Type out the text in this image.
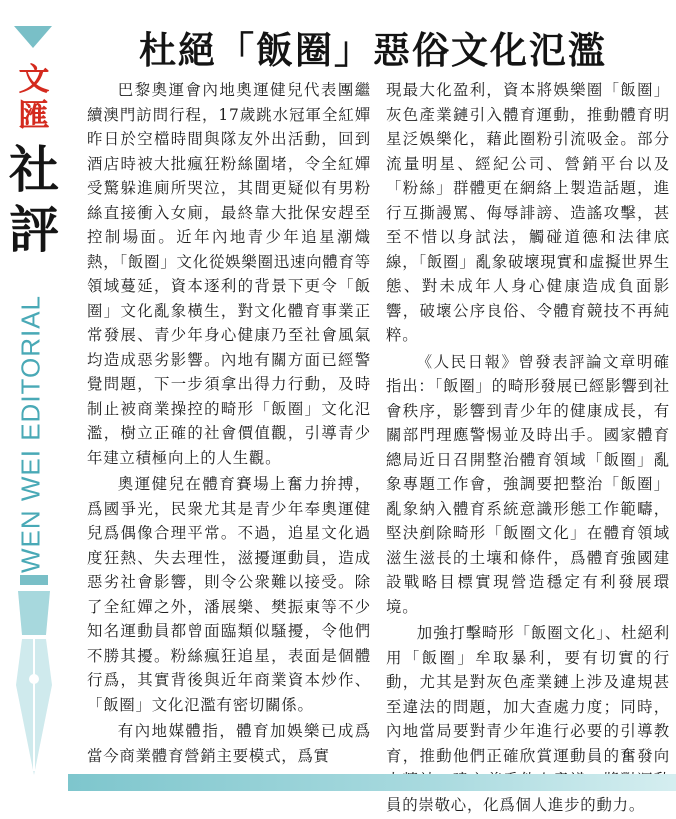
文
匯
社
評
WEN WEI EDITORIAL
杜絕「飯圈」惡俗文化氾濫

巴黎奧運會內地奧運健兒代表團繼續澳門訪問行程，17歲跳水冠軍全紅嬋昨日於空檔時間與隊友外出活動，回到酒店時被大批瘋狂粉絲圍堵，令全紅嬋受驚躲進廁所哭泣，其間更疑似有男粉絲直接衝入女廁，最終靠大批保安趕至控制場面。近年內地青少年追星潮熾熱，「飯圈」文化從娛樂圈迅速向體育等領域蔓延，資本逐利的背景下更令「飯圈」文化亂象橫生，對文化體育事業正常發展、青少年身心健康乃至社會風氣均造成惡劣影響。內地有關方面已經警覺問題，下一步須拿出得力行動，及時制止被商業操控的畸形「飯圈」文化氾濫，樹立正確的社會價值觀，引導青少年建立積極向上的人生觀。

奧運健兒在體育賽場上奮力拚搏，爲國爭光，民衆尤其是青少年奉奧運健兒爲偶像合理平常。不過，追星文化過度狂熱、失去理性，滋擾運動員，造成惡劣社會影響，則令公衆難以接受。除了全紅嬋之外，潘展樂、樊振東等不少知名運動員都曾面臨類似騷擾，令他們不勝其擾。粉絲瘋狂追星，表面是個體行爲，其實背後與近年商業資本炒作、「飯圈」文化氾濫有密切關係。

有內地媒體指，體育加娛樂已成爲當今商業體育營銷主要模式，爲實

現最大化盈利，資本將娛樂圈「飯圈」灰色產業鏈引入體育運動，推動體育明星泛娛樂化，藉此圈粉引流吸金。部分流量明星、經紀公司、營銷平台以及「粉絲」群體更在網絡上製造話題，進行互撕謾罵、侮辱誹謗、造謠攻擊，甚至不惜以身試法，觸碰道德和法律底線，「飯圈」亂象破壞現實和虛擬世界生態、對未成年人身心健康造成負面影響，破壞公序良俗、令體育競技不再純粹。

《人民日報》曾發表評論文章明確指出：「飯圈」的畸形發展已經影響到社會秩序，影響到青少年的健康成長，有關部門理應警惕並及時出手。國家體育總局近日召開整治體育領域「飯圈」亂象專題工作會，強調要把整治「飯圈」亂象納入體育系統意識形態工作範疇，堅決剷除畸形「飯圈文化」在體育領域滋生滋長的土壤和條件，爲體育強國建設戰略目標實現營造穩定有利發展環境。

加強打擊畸形「飯圈文化」、杜絕利用「飯圈」牟取暴利，要有切實的行動，尤其是對灰色產業鏈上涉及違規甚至違法的問題，加大查處力度；同時，內地當局要對青少年進行必要的引導教育，推動他們正確欣賞運動員的奮發向 員的崇敬心，化爲個人進步的動力。
